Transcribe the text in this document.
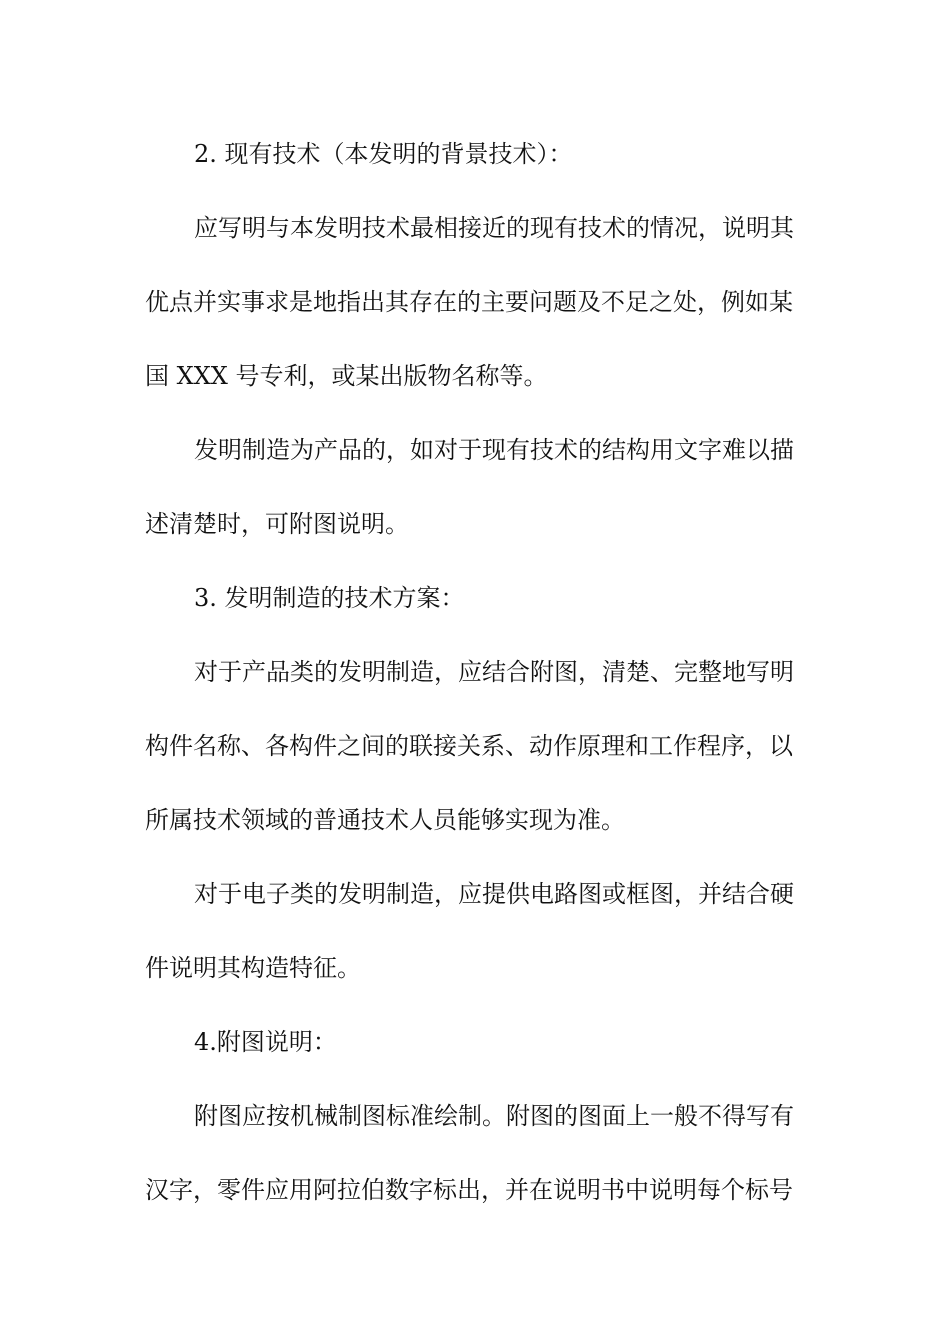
2. 现有技术（本发明的背景技术）：

应写明与本发明技术最相接近的现有技术的情况，说明其

优点并实事求是地指出其存在的主要问题及不足之处，例如某

国 XXX 号专利，或某出版物名称等。

发明制造为产品的，如对于现有技术的结构用文字难以描

述清楚时，可附图说明。

3. 发明制造的技术方案：

对于产品类的发明制造，应结合附图，清楚、完整地写明

构件名称、各构件之间的联接关系、动作原理和工作程序，以

所属技术领域的普通技术人员能够实现为准。

对于电子类的发明制造，应提供电路图或框图，并结合硬

件说明其构造特征。

4.附图说明：

附图应按机械制图标准绘制。附图的图面上一般不得写有

汉字，零件应用阿拉伯数字标出，并在说明书中说明每个标号
